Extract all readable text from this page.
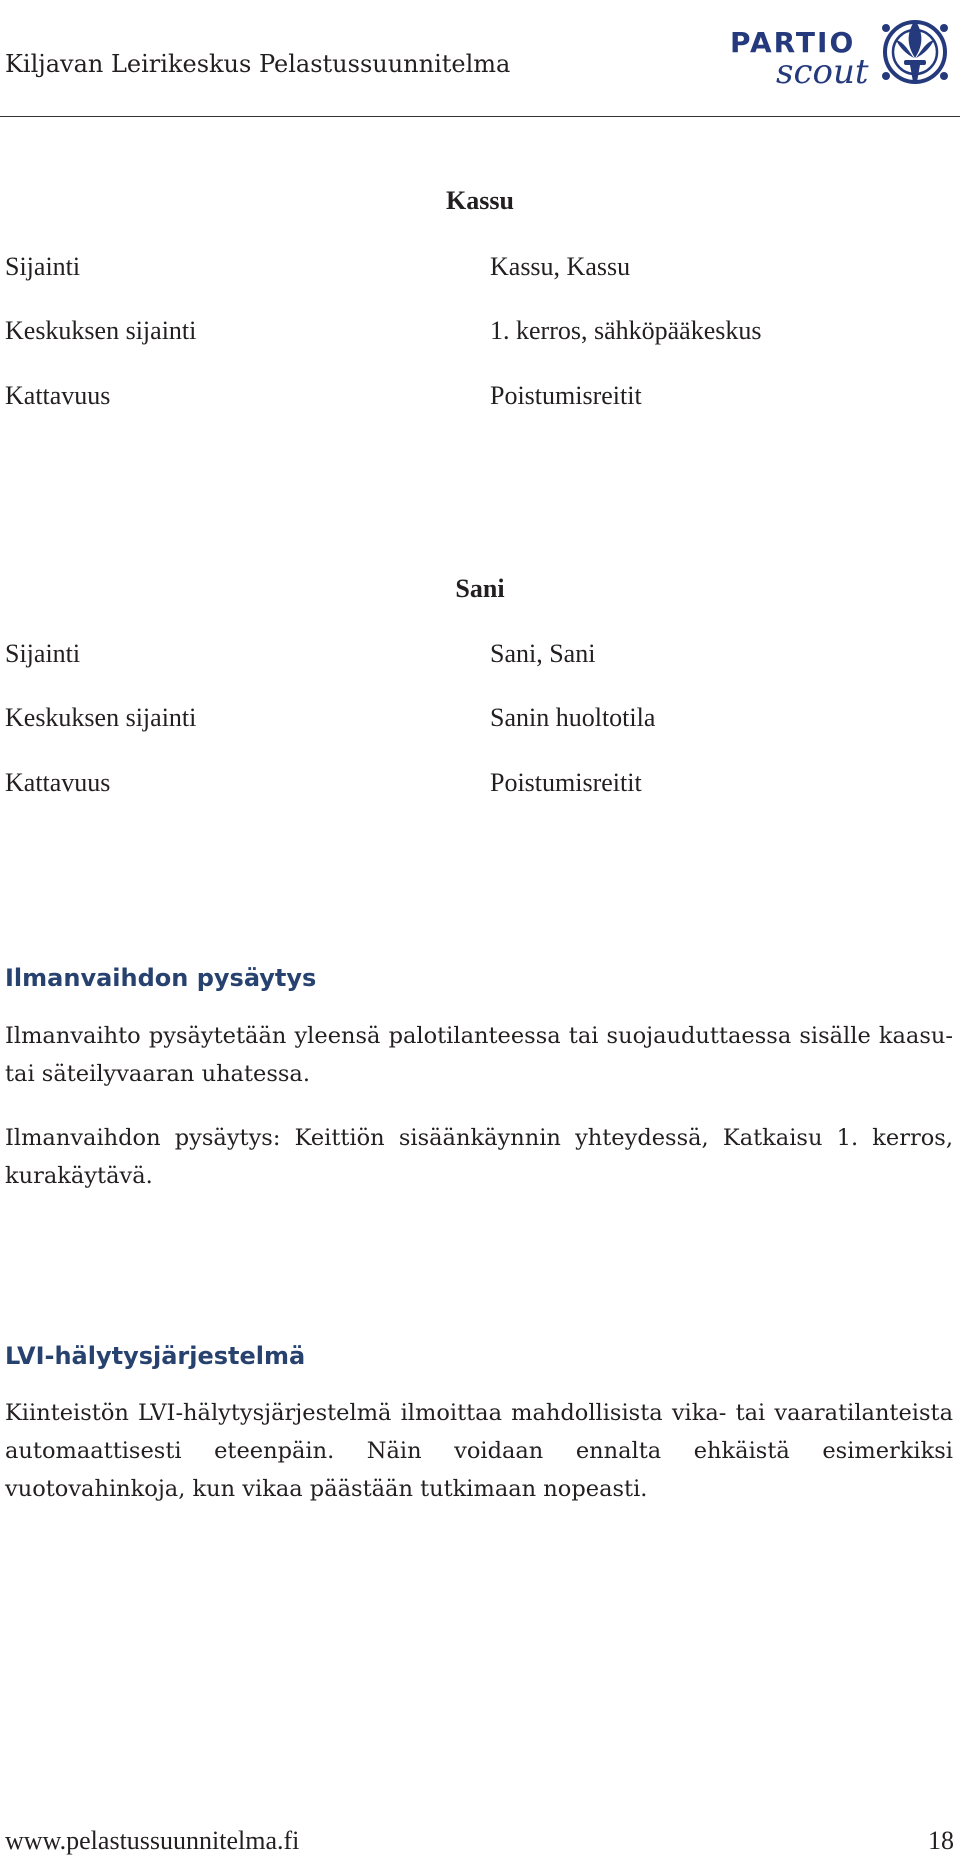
Kiljavan Leirikeskus Pelastussuunnitelma
PARTIO
scout
Kassu
Sijainti	Kassu, Kassu
Keskuksen sijainti	1. kerros, sähköpääkeskus
Kattavuus	Poistumisreitit
Sani
Sijainti	Sani, Sani
Keskuksen sijainti	Sanin huoltotila
Kattavuus	Poistumisreitit
Ilmanvaihdon pysäytys

Ilmanvaihto pysäytetään yleensä palotilanteessa tai suojauduttaessa sisälle kaasu- tai säteilyvaaran uhatessa.

Ilmanvaihdon pysäytys: Keittiön sisäänkäynnin yhteydessä, Katkaisu 1. kerros, kurakäytävä.

LVI-hälytysjärjestelmä

Kiinteistön LVI-hälytysjärjestelmä ilmoittaa mahdollisista vika- tai vaaratilanteista automaattisesti eteenpäin. Näin voidaan ennalta ehkäistä esimerkiksi vuotovahinkoja, kun vikaa päästään tutkimaan nopeasti.

www.pelastussuunnitelma.fi	18
